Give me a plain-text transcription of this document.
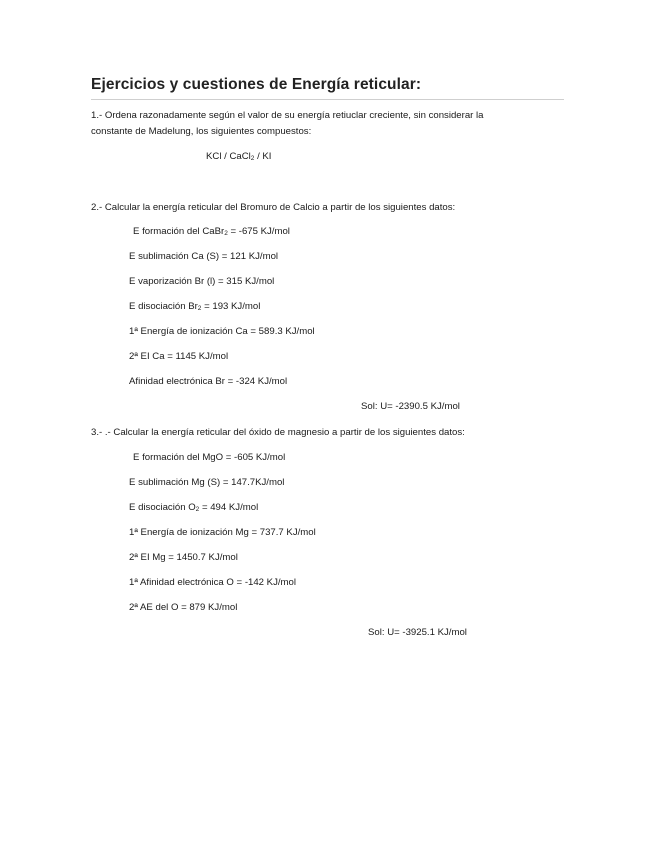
Ejercicios y cuestiones de Energía reticular:
1.- Ordena razonadamente según el valor de su energía retiuclar creciente, sin considerar la
constante de Madelung, los siguientes compuestos:
KCl / CaCl$_2$ / KI
2.- Calcular la energía reticular del Bromuro de Calcio a partir de los siguientes datos:
E formación del CaBr$_2$ = -675 KJ/mol
E sublimación Ca (S) = 121 KJ/mol
E vaporización Br (l) = 315 KJ/mol
E disociación $Br_2 = 193$ KJ/mol
1ª Energía de ionización Ca = 589.3 KJ/mol
2ª EI Ca = 1145 KJ/mol
Afinidad electrónica Br = -324 KJ/mol
Sol: U= -2390.5 KJ/mol
3.- .- Calcular la energía reticular del óxido de magnesio a partir de los siguientes datos:
E formación del MgO = -605 KJ/mol
E sublimación Mg (S) = 147.7KJ/mol
E disociación $O_2 = 494$ KJ/mol
1ª Energía de ionización Mg = 737.7 KJ/mol
2ª EI Mg = 1450.7 KJ/mol
1ª Afinidad electrónica O = -142 KJ/mol
2ª AE del O = 879 KJ/mol
Sol: U= -3925.1 KJ/mol
